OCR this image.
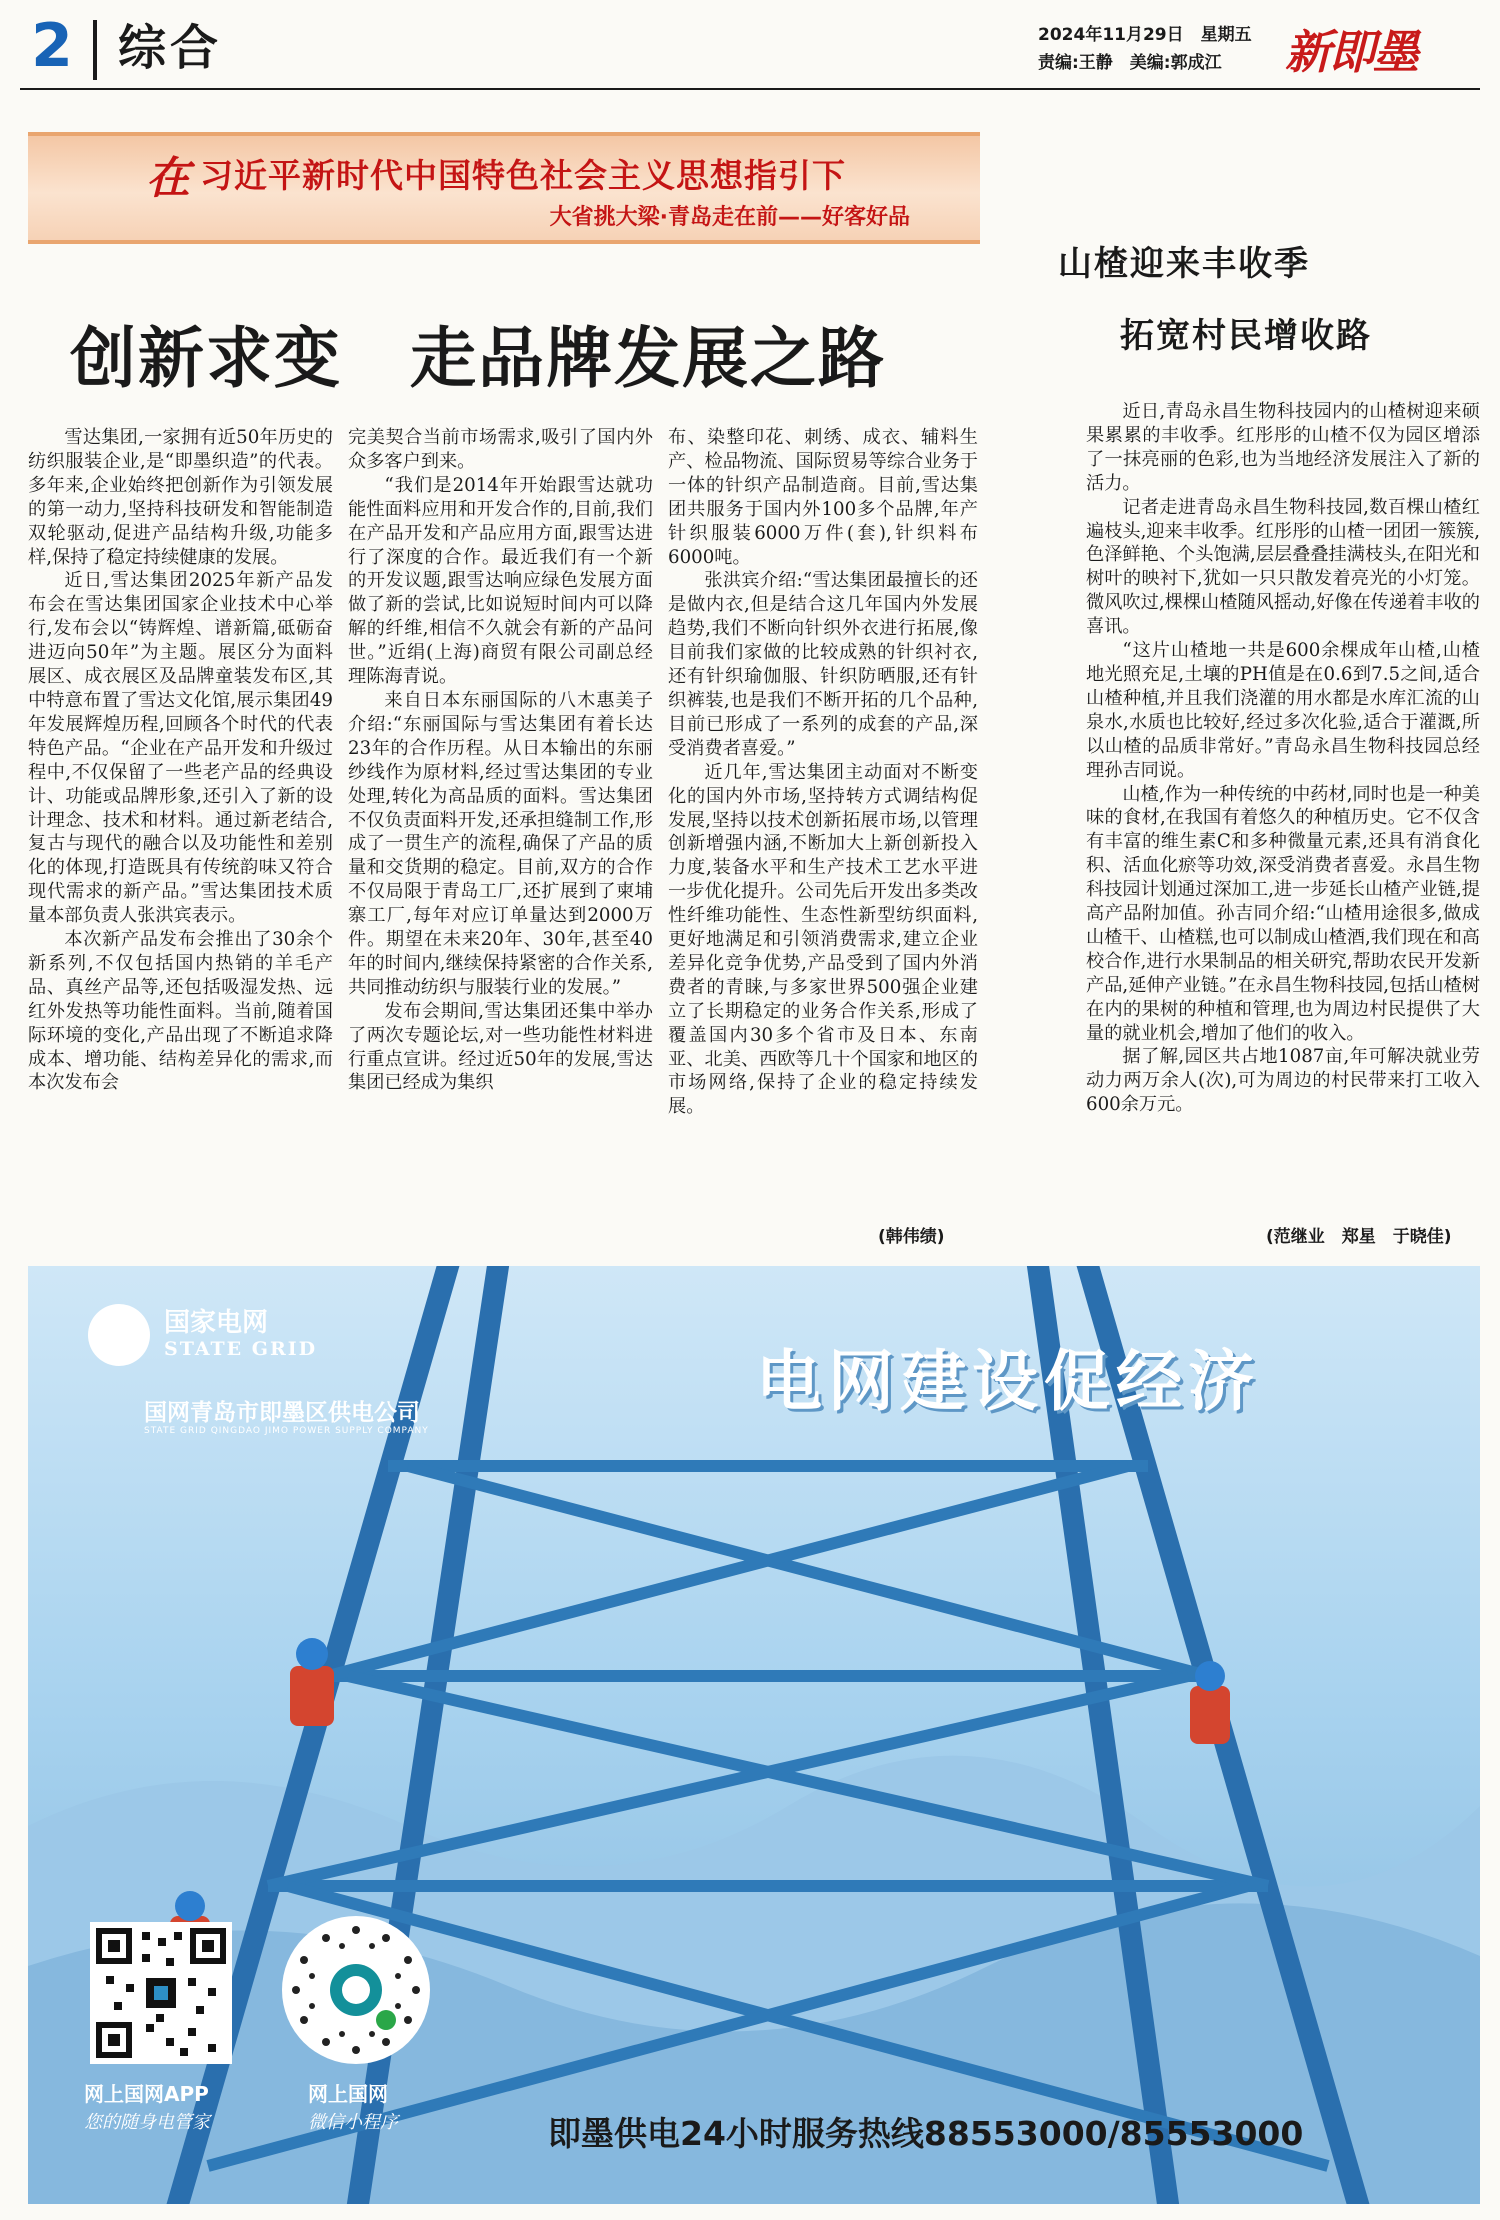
2 综合	2024年11月29日　星期五
责编:王静　美编:郭成江 新即墨
在 习近平新时代中国特色社会主义思想指引下
大省挑大梁·青岛走在前——好客好品
创新求变　走品牌发展之路

雪达集团,一家拥有近50年历史的纺织服装企业,是“即墨织造”的代表。多年来,企业始终把创新作为引领发展的第一动力,坚持科技研发和智能制造双轮驱动,促进产品结构升级,功能多样,保持了稳定持续健康的发展。

近日,雪达集团2025年新产品发布会在雪达集团国家企业技术中心举行,发布会以“铸辉煌、谱新篇,砥砺奋进迈向50年”为主题。展区分为面料展区、成衣展区及品牌童装发布区,其中特意布置了雪达文化馆,展示集团49年发展辉煌历程,回顾各个时代的代表特色产品。“企业在产品开发和升级过程中,不仅保留了一些老产品的经典设计、功能或品牌形象,还引入了新的设计理念、技术和材料。通过新老结合,复古与现代的融合以及功能性和差别化的体现,打造既具有传统韵味又符合现代需求的新产品。”雪达集团技术质量本部负责人张洪宾表示。

本次新产品发布会推出了30余个新系列,不仅包括国内热销的羊毛产品、真丝产品等,还包括吸湿发热、远红外发热等功能性面料。当前,随着国际环境的变化,产品出现了不断追求降成本、增功能、结构差异化的需求,而本次发布会

完美契合当前市场需求,吸引了国内外众多客户到来。

“我们是2014年开始跟雪达就功能性面料应用和开发合作的,目前,我们在产品开发和产品应用方面,跟雪达进行了深度的合作。最近我们有一个新的开发议题,跟雪达响应绿色发展方面做了新的尝试,比如说短时间内可以降解的纤维,相信不久就会有新的产品问世。”近绢(上海)商贸有限公司副总经理陈海青说。

来自日本东丽国际的八木惠美子介绍:“东丽国际与雪达集团有着长达23年的合作历程。从日本输出的东丽纱线作为原材料,经过雪达集团的专业处理,转化为高品质的面料。雪达集团不仅负责面料开发,还承担缝制工作,形成了一贯生产的流程,确保了产品的质量和交货期的稳定。目前,双方的合作不仅局限于青岛工厂,还扩展到了柬埔寨工厂,每年对应订单量达到2000万件。期望在未来20年、30年,甚至40年的时间内,继续保持紧密的合作关系,共同推动纺织与服装行业的发展。”

发布会期间,雪达集团还集中举办了两次专题论坛,对一些功能性材料进行重点宣讲。经过近50年的发展,雪达集团已经成为集织

布、染整印花、刺绣、成衣、辅料生产、检品物流、国际贸易等综合业务于一体的针织产品制造商。目前,雪达集团共服务于国内外100多个品牌,年产针织服装6000万件(套),针织料布6000吨。

张洪宾介绍:“雪达集团最擅长的还是做内衣,但是结合这几年国内外发展趋势,我们不断向针织外衣进行拓展,像目前我们家做的比较成熟的针织衬衣,还有针织瑜伽服、针织防晒服,还有针织裤装,也是我们不断开拓的几个品种,目前已形成了一系列的成套的产品,深受消费者喜爱。”

近几年,雪达集团主动面对不断变化的国内外市场,坚持转方式调结构促发展,坚持以技术创新拓展市场,以管理创新增强内涵,不断加大上新创新投入力度,装备水平和生产技术工艺水平进一步优化提升。公司先后开发出多类改性纤维功能性、生态性新型纺织面料,更好地满足和引领消费需求,建立企业差异化竞争优势,产品受到了国内外消费者的青睐,与多家世界500强企业建立了长期稳定的业务合作关系,形成了覆盖国内30多个省市及日本、东南亚、北美、西欧等几十个国家和地区的市场网络,保持了企业的稳定持续发展。

(韩伟绩)
山楂迎来丰收季
拓宽村民增收路

近日,青岛永昌生物科技园内的山楂树迎来硕果累累的丰收季。红彤彤的山楂不仅为园区增添了一抹亮丽的色彩,也为当地经济发展注入了新的活力。

记者走进青岛永昌生物科技园,数百棵山楂红遍枝头,迎来丰收季。红彤彤的山楂一团团一簇簇,色泽鲜艳、个头饱满,层层叠叠挂满枝头,在阳光和树叶的映衬下,犹如一只只散发着亮光的小灯笼。微风吹过,棵棵山楂随风摇动,好像在传递着丰收的喜讯。

“这片山楂地一共是600余棵成年山楂,山楂地光照充足,土壤的PH值是在0.6到7.5之间,适合山楂种植,并且我们浇灌的用水都是水库汇流的山泉水,水质也比较好,经过多次化验,适合于灌溉,所以山楂的品质非常好。”青岛永昌生物科技园总经理孙吉同说。

山楂,作为一种传统的中药材,同时也是一种美味的食材,在我国有着悠久的种植历史。它不仅含有丰富的维生素C和多种微量元素,还具有消食化积、活血化瘀等功效,深受消费者喜爱。永昌生物科技园计划通过深加工,进一步延长山楂产业链,提高产品附加值。孙吉同介绍:“山楂用途很多,做成山楂干、山楂糕,也可以制成山楂酒,我们现在和高校合作,进行水果制品的相关研究,帮助农民开发新产品,延伸产业链。”在永昌生物科技园,包括山楂树在内的果树的种植和管理,也为周边村民提供了大量的就业机会,增加了他们的收入。

据了解,园区共占地1087亩,年可解决就业劳动力两万余人(次),可为周边的村民带来打工收入600余万元。

(范继业　郑星　于晓佳)
国家电网
STATE GRID
国网青岛市即墨区供电公司
STATE GRID QINGDAO JIMO POWER SUPPLY COMPANY
电网建设促经济
网上国网APP
您的随身电管家
网上国网
微信小程序	即墨供电24小时服务热线88553000/85553000
